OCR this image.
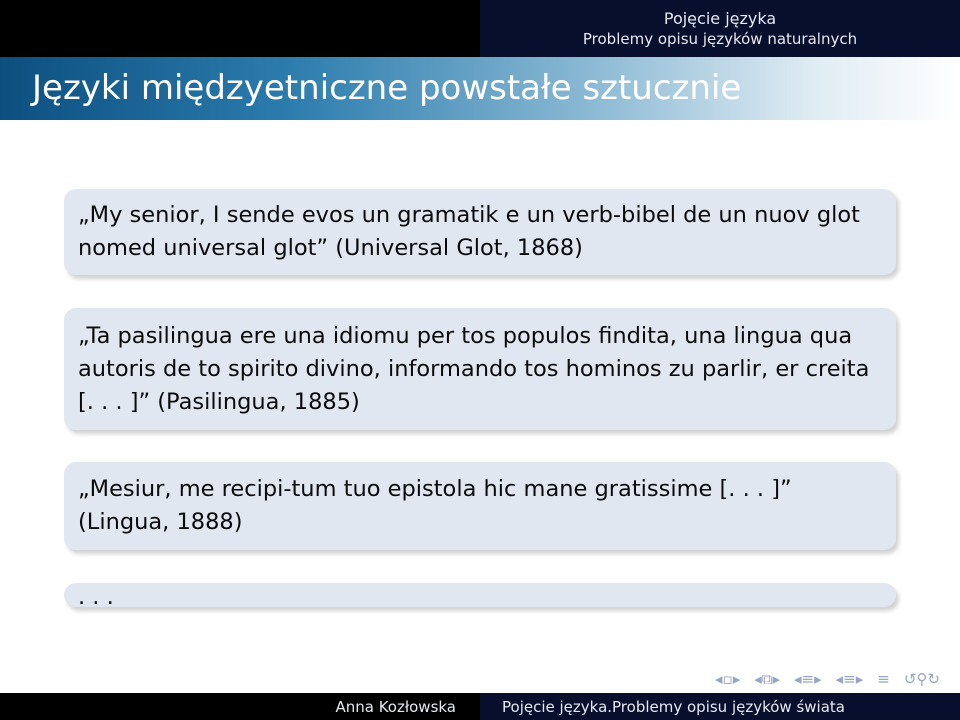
Pojęcie języka
Problemy opisu języków naturalnych
Języki międzyetniczne powstałe sztucznie
„My senior, I sende evos un gramatik e un verb-bibel de un nuov glot nomed universal glot” (Universal Glot, 1868)
„Ta pasilingua ere una idiomu per tos populos findita, una lingua qua autoris de to spirito divino, informando tos hominos zu parlir, er creita [. . . ]” (Pasilingua, 1885)
„Mesiur, me recipi-tum tuo epistola hic mane gratissime [. . . ]” (Lingua, 1888)
. . .
◂▫▸ ◂⧉▸ ◂≡▸ ◂≡▸ ≡ ↺⚲↻
Anna Kozłowska	Pojęcie języka.Problemy opisu języków świata
